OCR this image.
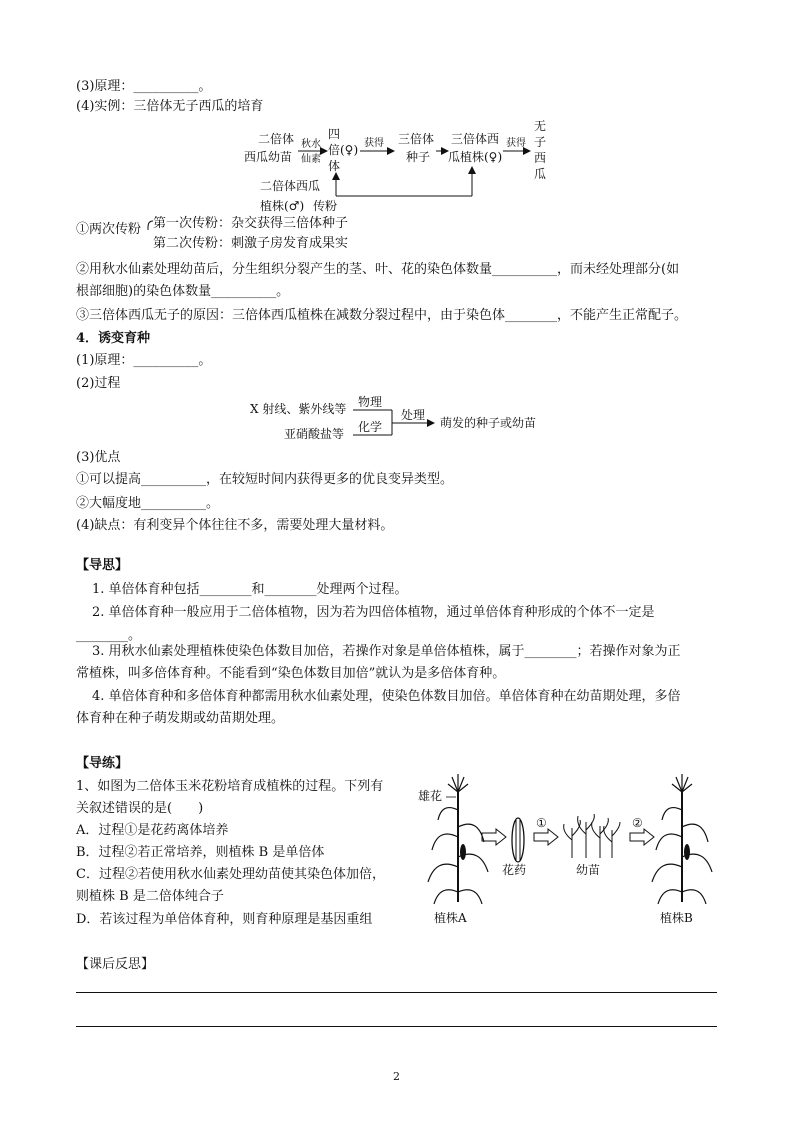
(3)原理：__________。
(4)实例：三倍体无子西瓜的培育
二倍体
西瓜幼苗
秋水
仙素
四
倍(♀)
体
获得 三倍体
种子
三倍体西
瓜植株(♀)
获得
无
子
西
瓜
二倍体西瓜
植株(♂) 传粉
①两次传粉 第一次传粉：杂交获得三倍体种子
第二次传粉：刺激子房发育成果实
②用秋水仙素处理幼苗后，分生组织分裂产生的茎、叶、花的染色体数量__________，而未经处理部分(如
根部细胞)的染色体数量__________。
③三倍体西瓜无子的原因：三倍体西瓜植株在减数分裂过程中，由于染色体________，不能产生正常配子。
4．诱变育种
(1)原理：__________。
(2)过程
X 射线、紫外线等 物理
亚硝酸盐等 化学
处理
萌发的种子或幼苗
(3)优点
①可以提高__________，在较短时间内获得更多的优良变异类型。
②大幅度地__________。
(4)缺点：有利变异个体往往不多，需要处理大量材料。
【导思】
1. 单倍体育种包括________和________处理两个过程。
2. 单倍体育种一般应用于二倍体植物，因为若为四倍体植物，通过单倍体育种形成的个体不一定是
________。
3. 用秋水仙素处理植株使染色体数目加倍，若操作对象是单倍体植株，属于________；若操作对象为正
常植株，叫多倍体育种。不能看到“染色体数目加倍”就认为是多倍体育种。
4. 单倍体育种和多倍体育种都需用秋水仙素处理，使染色体数目加倍。单倍体育种在幼苗期处理，多倍
体育种在种子萌发期或幼苗期处理。
【导练】
1、如图为二倍体玉米花粉培育成植株的过程。下列有
关叙述错误的是(　　)
A．过程①是花药离体培养
B．过程②若正常培养，则植株 B 是单倍体
C．过程②若使用秋水仙素处理幼苗使其染色体加倍，
则植株 B 是二倍体纯合子
D．若该过程为单倍体育种，则育种原理是基因重组
雄花
植株A
花药
①
幼苗
②
植株B
【课后反思】
2
